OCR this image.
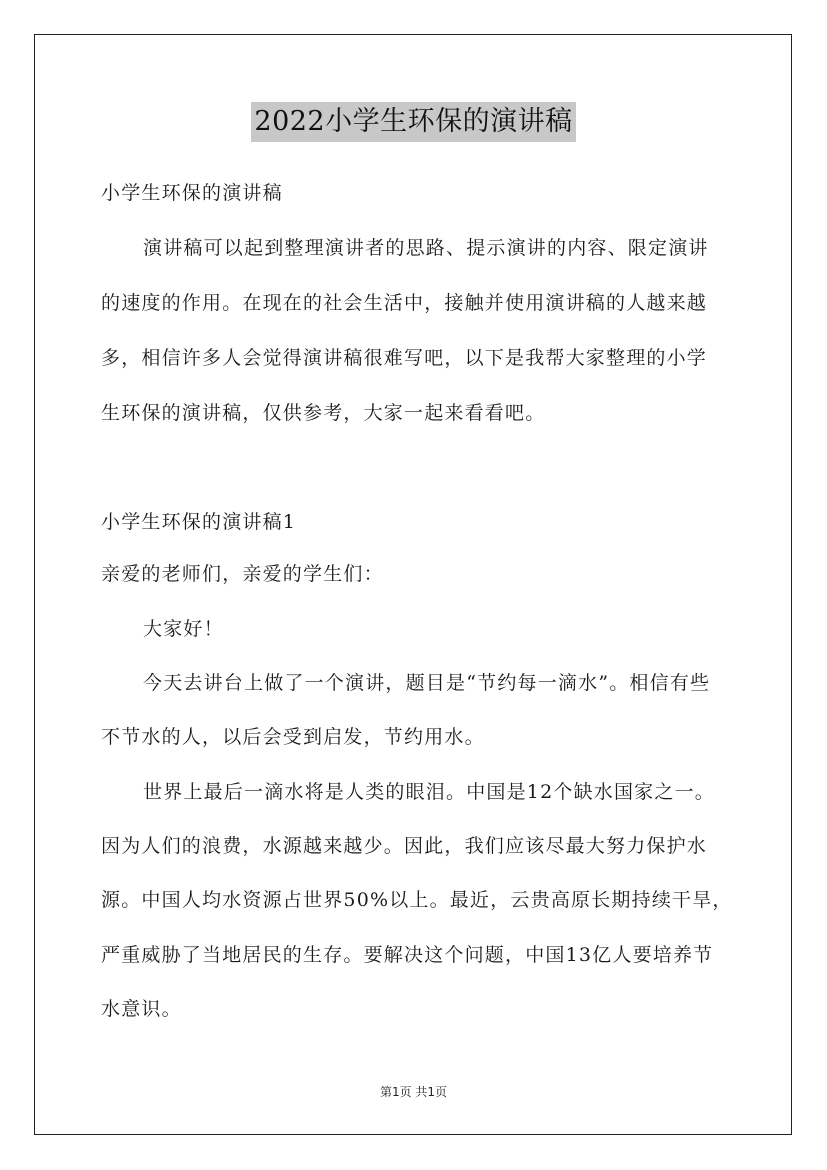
2022小学生环保的演讲稿
小学生环保的演讲稿
演讲稿可以起到整理演讲者的思路、提示演讲的内容、限定演讲
的速度的作用。在现在的社会生活中，接触并使用演讲稿的人越来越
多，相信许多人会觉得演讲稿很难写吧，以下是我帮大家整理的小学
生环保的演讲稿，仅供参考，大家一起来看看吧。
小学生环保的演讲稿1
亲爱的老师们，亲爱的学生们：
大家好！
今天去讲台上做了一个演讲，题目是“节约每一滴水”。相信有些
不节水的人，以后会受到启发，节约用水。
世界上最后一滴水将是人类的眼泪。中国是12个缺水国家之一。
因为人们的浪费，水源越来越少。因此，我们应该尽最大努力保护水
源。中国人均水资源占世界50%以上。最近，云贵高原长期持续干旱，
严重威胁了当地居民的生存。要解决这个问题，中国13亿人要培养节
水意识。
第1页 共1页
